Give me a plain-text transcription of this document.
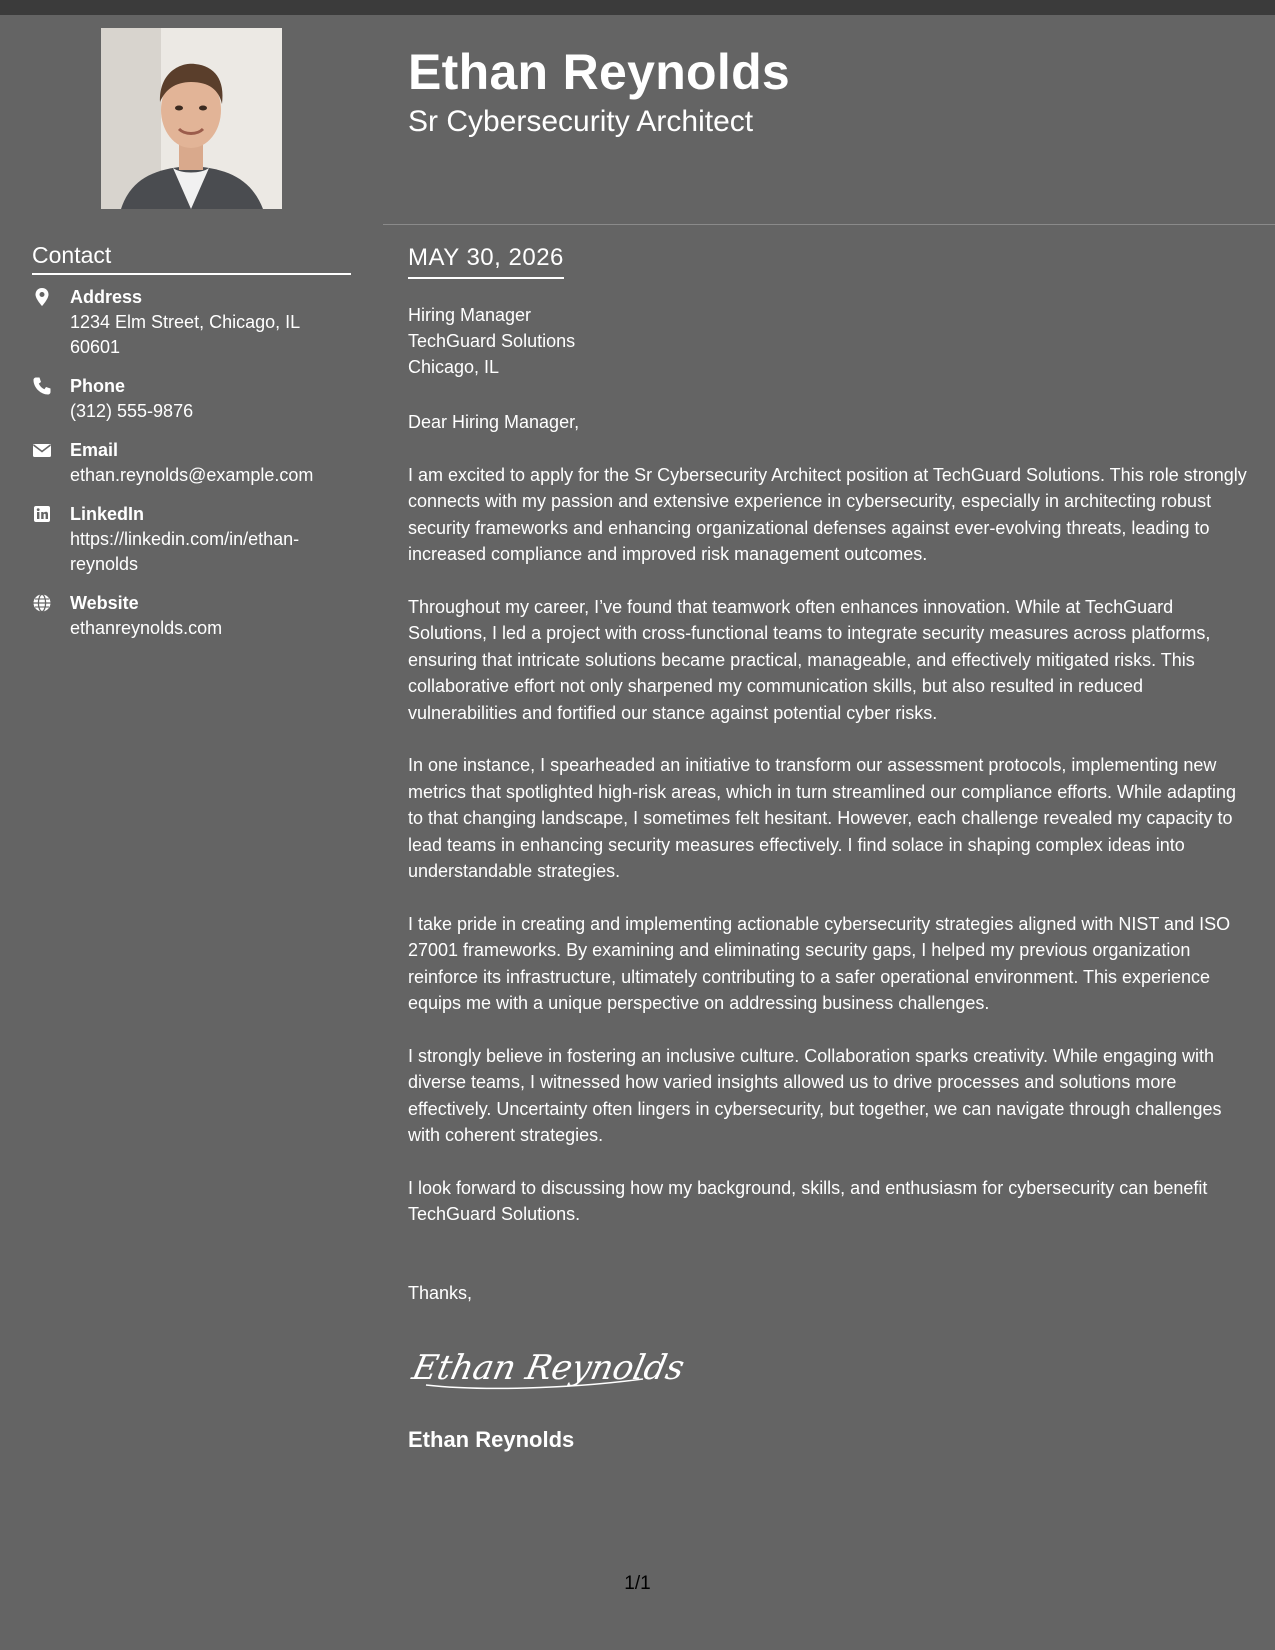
Contact
Address
1234 Elm Street, Chicago, IL 60601
Phone
(312) 555-9876
Email
ethan.reynolds@example.com
LinkedIn
https://linkedin.com/in/ethan-reynolds
Website
ethanreynolds.com
Ethan Reynolds
Sr Cybersecurity Architect
MAY 30, 2026
Hiring Manager
TechGuard Solutions
Chicago, IL

Dear Hiring Manager,

I am excited to apply for the Sr Cybersecurity Architect position at TechGuard Solutions. This role strongly connects with my passion and extensive experience in cybersecurity, especially in architecting robust security frameworks and enhancing organizational defenses against ever-evolving threats, leading to increased compliance and improved risk management outcomes.

Throughout my career, I’ve found that teamwork often enhances innovation. While at TechGuard Solutions, I led a project with cross-functional teams to integrate security measures across platforms, ensuring that intricate solutions became practical, manageable, and effectively mitigated risks. This collaborative effort not only sharpened my communication skills, but also resulted in reduced vulnerabilities and fortified our stance against potential cyber risks.

In one instance, I spearheaded an initiative to transform our assessment protocols, implementing new metrics that spotlighted high-risk areas, which in turn streamlined our compliance efforts. While adapting to that changing landscape, I sometimes felt hesitant. However, each challenge revealed my capacity to lead teams in enhancing security measures effectively. I find solace in shaping complex ideas into understandable strategies.

I take pride in creating and implementing actionable cybersecurity strategies aligned with NIST and ISO 27001 frameworks. By examining and eliminating security gaps, I helped my previous organization reinforce its infrastructure, ultimately contributing to a safer operational environment. This experience equips me with a unique perspective on addressing business challenges.

I strongly believe in fostering an inclusive culture. Collaboration sparks creativity. While engaging with diverse teams, I witnessed how varied insights allowed us to drive processes and solutions more effectively. Uncertainty often lingers in cybersecurity, but together, we can navigate through challenges with coherent strategies.

I look forward to discussing how my background, skills, and enthusiasm for cybersecurity can benefit TechGuard Solutions.

Thanks,
Ethan Reynolds
Ethan Reynolds
1/1
